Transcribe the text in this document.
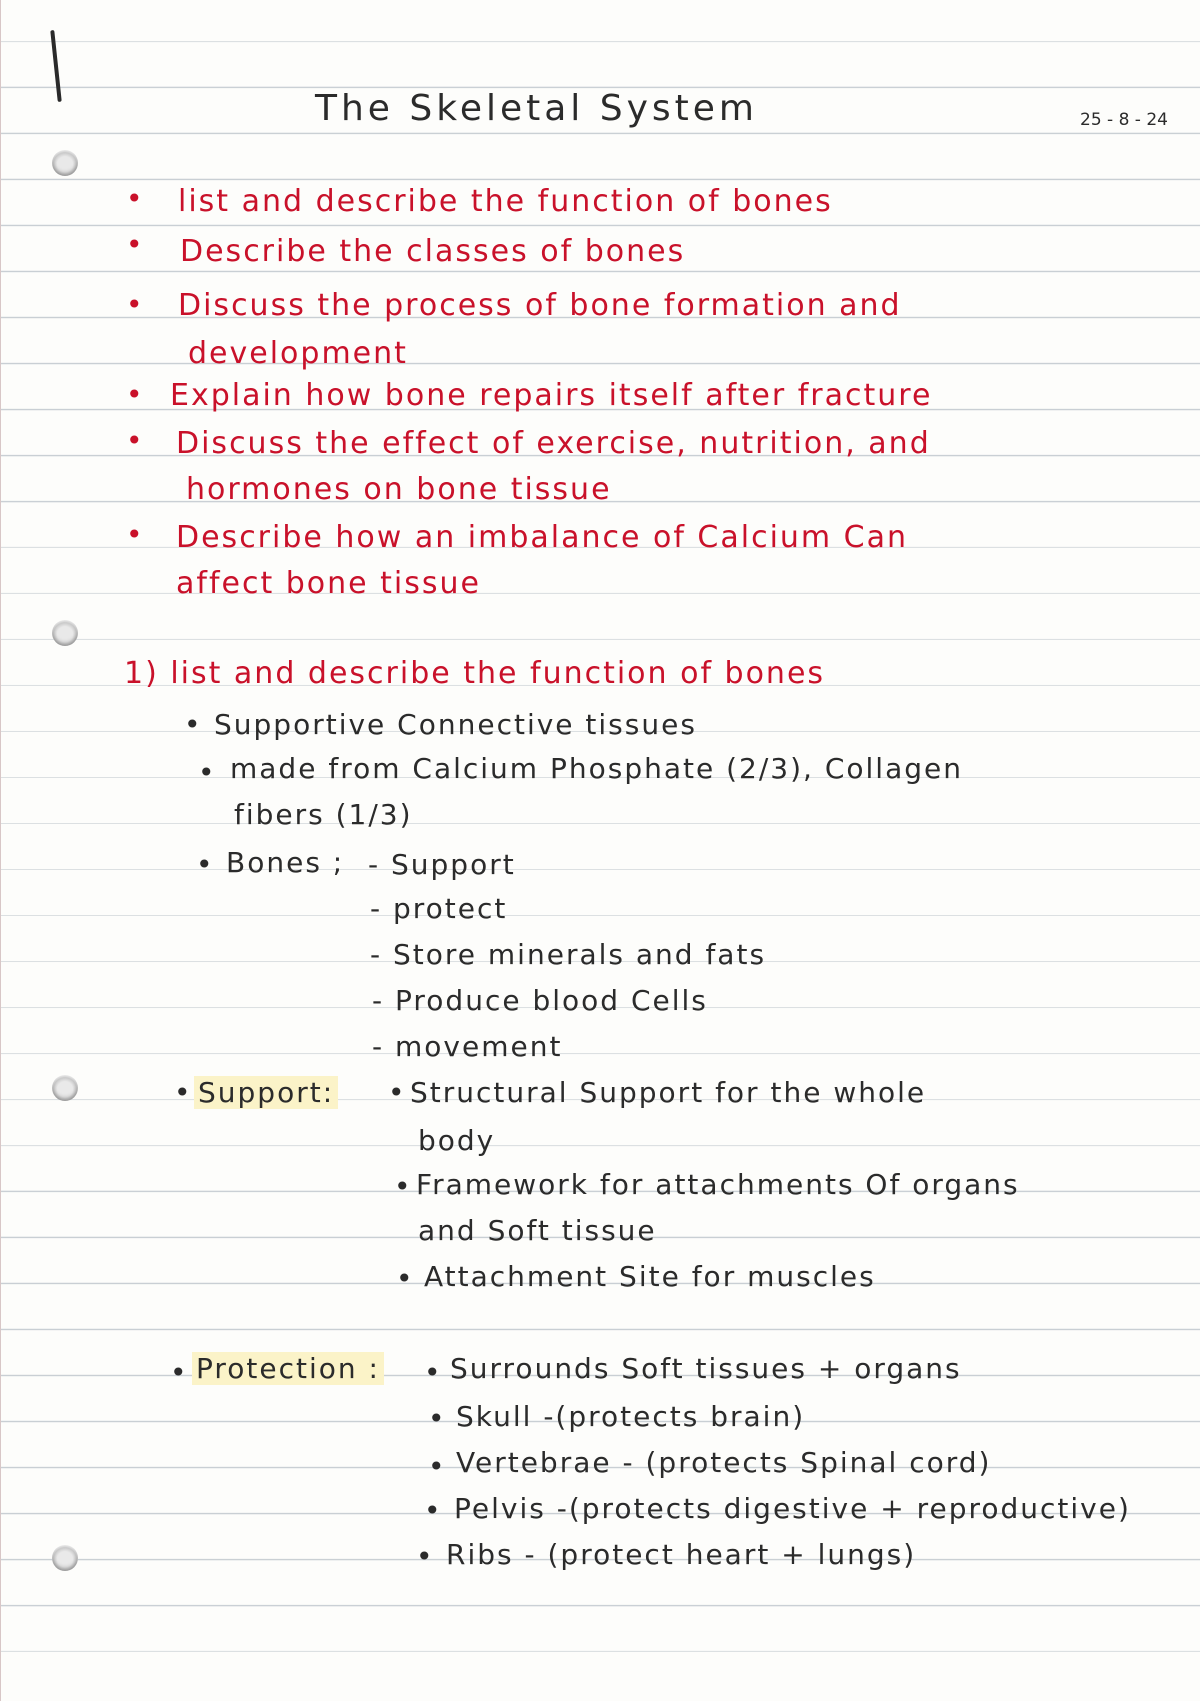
The Skeletal System	25 - 8 - 24
• list and describe the function of bones
• Describe the classes of bones
• Discuss the process of bone formation and
development
• Explain how bone repairs itself after fracture
• Discuss the effect of exercise, nutrition, and
hormones on bone tissue
• Describe how an imbalance of Calcium Can
affect bone tissue
1) list and describe the function of bones
• Supportive Connective tissues
• made from Calcium Phosphate (2/3), Collagen
fibers (1/3)
• Bones ; - Support
- protect
- Store minerals and fats
- Produce blood Cells
- movement
• Support: • Structural Support for the whole
body
• Framework for attachments Of organs
and Soft tissue
• Attachment Site for muscles
• Protection : • Surrounds Soft tissues + organs
• Skull -(protects brain)
• Vertebrae - (protects Spinal cord)
• Pelvis -(protects digestive + reproductive)
• Ribs - (protect heart + lungs)
